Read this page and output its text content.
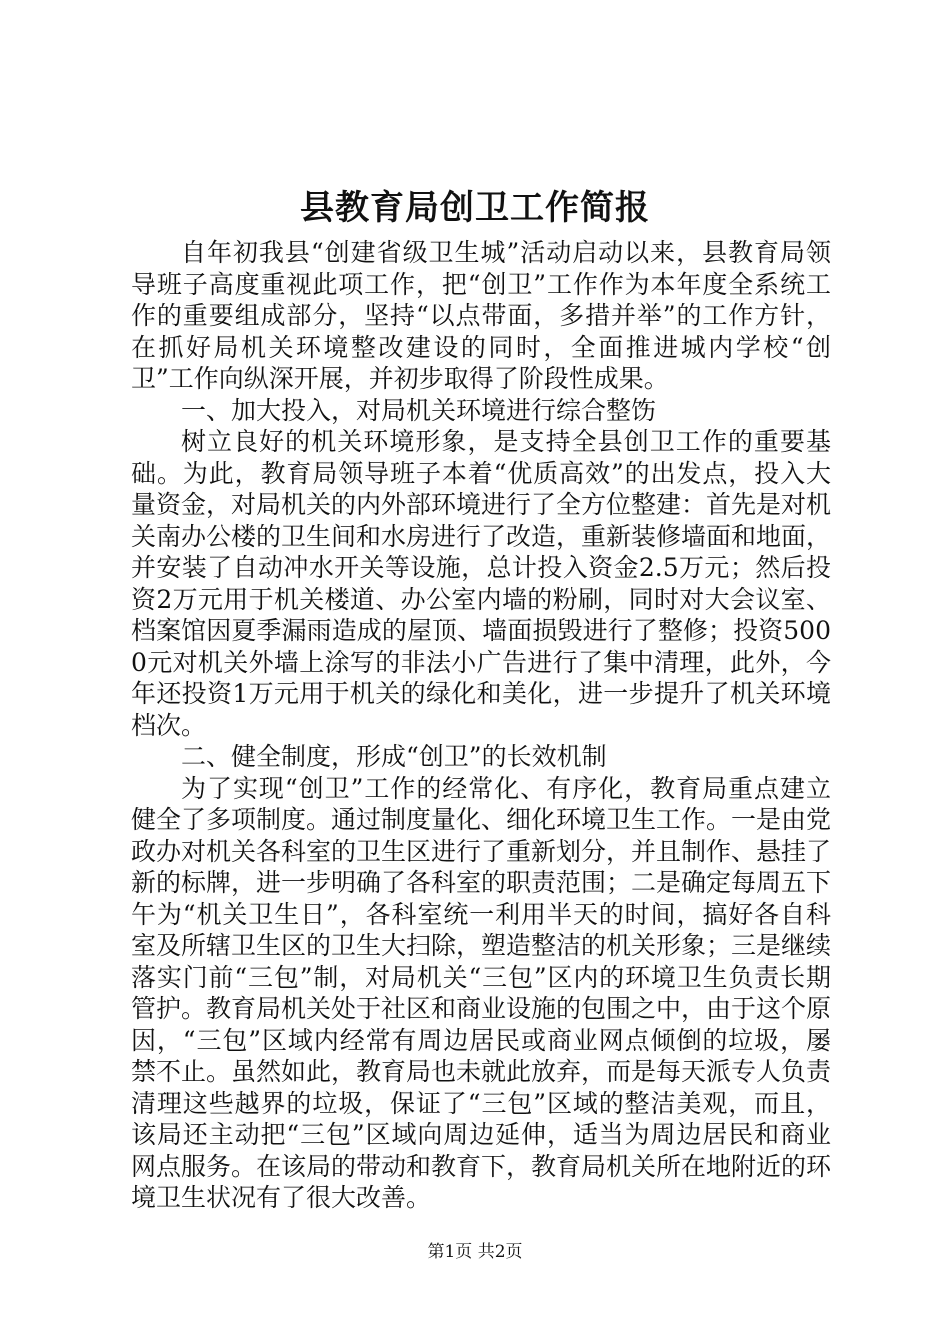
县教育局创卫工作简报

自年初我县“创建省级卫生城”活动启动以来，县教育局领导班子高度重视此项工作，把“创卫”工作作为本年度全系统工作的重要组成部分，坚持“以点带面，多措并举”的工作方针，在抓好局机关环境整改建设的同时，全面推进城内学校“创卫”工作向纵深开展，并初步取得了阶段性成果。

一、加大投入，对局机关环境进行综合整饬

树立良好的机关环境形象，是支持全县创卫工作的重要基础。为此，教育局领导班子本着“优质高效”的出发点，投入大量资金，对局机关的内外部环境进行了全方位整建：首先是对机关南办公楼的卫生间和水房进行了改造，重新装修墙面和地面，并安装了自动冲水开关等设施，总计投入资金2.5万元；然后投资2万元用于机关楼道、办公室内墙的粉刷，同时对大会议室、档案馆因夏季漏雨造成的屋顶、墙面损毁进行了整修；投资5000元对机关外墙上涂写的非法小广告进行了集中清理，此外，今年还投资1万元用于机关的绿化和美化，进一步提升了机关环境档次。

二、健全制度，形成“创卫”的长效机制

为了实现“创卫”工作的经常化、有序化，教育局重点建立健全了多项制度。通过制度量化、细化环境卫生工作。一是由党政办对机关各科室的卫生区进行了重新划分，并且制作、悬挂了新的标牌，进一步明确了各科室的职责范围；二是确定每周五下午为“机关卫生日”，各科室统一利用半天的时间，搞好各自科室及所辖卫生区的卫生大扫除，塑造整洁的机关形象；三是继续落实门前“三包”制，对局机关“三包”区内的环境卫生负责长期管护。教育局机关处于社区和商业设施的包围之中，由于这个原因，“三包”区域内经常有周边居民或商业网点倾倒的垃圾，屡禁不止。虽然如此，教育局也未就此放弃，而是每天派专人负责清理这些越界的垃圾，保证了“三包”区域的整洁美观，而且，该局还主动把“三包”区域向周边延伸，适当为周边居民和商业网点服务。在该局的带动和教育下，教育局机关所在地附近的环境卫生状况有了很大改善。

第1页 共2页
